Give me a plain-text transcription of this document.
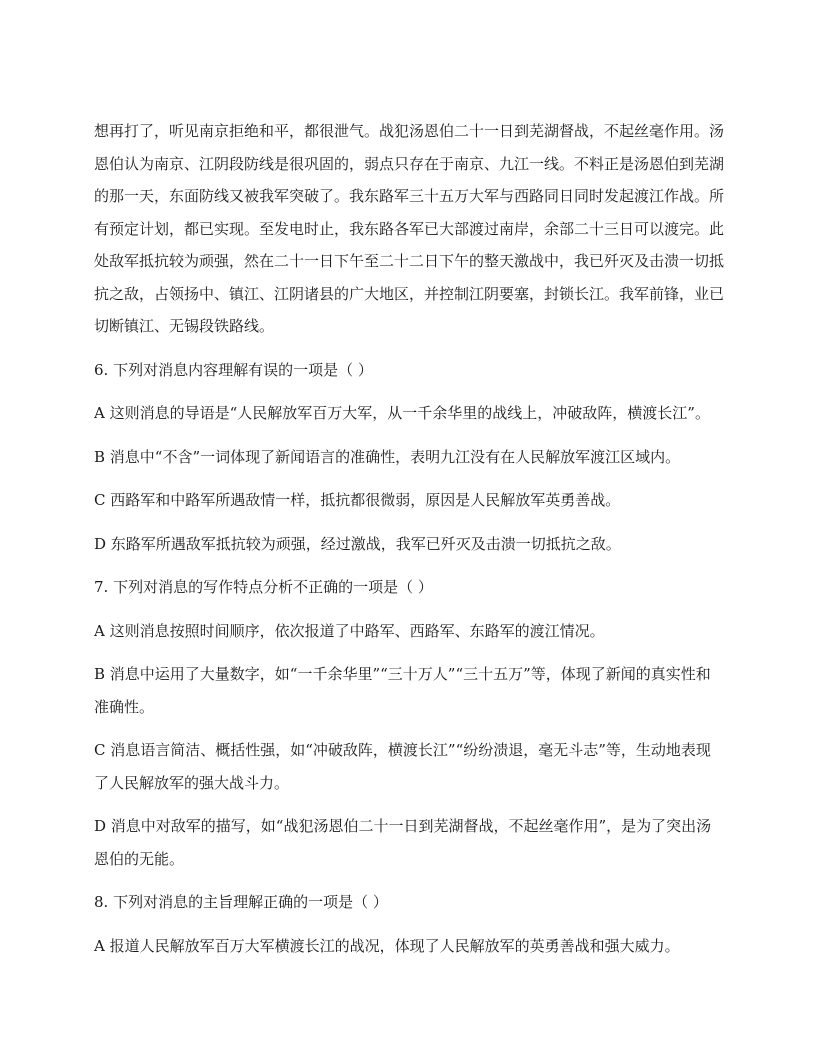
想再打了，听见南京拒绝和平，都很泄气。战犯汤恩伯二十一日到芜湖督战，不起丝毫作用。汤恩伯认为南京、江阴段防线是很巩固的，弱点只存在于南京、九江一线。不料正是汤恩伯到芜湖的那一天，东面防线又被我军突破了。我东路军三十五万大军与西路同日同时发起渡江作战。所有预定计划，都已实现。至发电时止，我东路各军已大部渡过南岸，余部二十三日可以渡完。此处敌军抵抗较为顽强，然在二十一日下午至二十二日下午的整天激战中，我已歼灭及击溃一切抵抗之敌，占领扬中、镇江、江阴诸县的广大地区，并控制江阴要塞，封锁长江。我军前锋，业已切断镇江、无锡段铁路线。

6. 下列对消息内容理解有误的一项是（ ）

A 这则消息的导语是“人民解放军百万大军，从一千余华里的战线上，冲破敌阵，横渡长江”。

B 消息中“不含”一词体现了新闻语言的准确性，表明九江没有在人民解放军渡江区域内。

C 西路军和中路军所遇敌情一样，抵抗都很微弱，原因是人民解放军英勇善战。

D 东路军所遇敌军抵抗较为顽强，经过激战，我军已歼灭及击溃一切抵抗之敌。

7. 下列对消息的写作特点分析不正确的一项是（ ）

A 这则消息按照时间顺序，依次报道了中路军、西路军、东路军的渡江情况。

B 消息中运用了大量数字，如“一千余华里”“三十万人”“三十五万”等，体现了新闻的真实性和准确性。

C 消息语言简洁、概括性强，如“冲破敌阵，横渡长江”“纷纷溃退，毫无斗志”等，生动地表现了人民解放军的强大战斗力。

D 消息中对敌军的描写，如“战犯汤恩伯二十一日到芜湖督战，不起丝毫作用”，是为了突出汤恩伯的无能。

8. 下列对消息的主旨理解正确的一项是（ ）

A 报道人民解放军百万大军横渡长江的战况，体现了人民解放军的英勇善战和强大威力。
